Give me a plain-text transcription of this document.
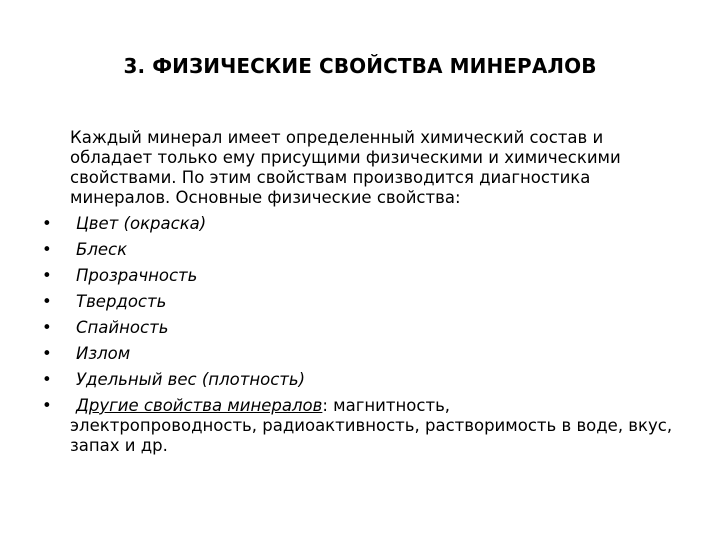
3. ФИЗИЧЕСКИЕ СВОЙСТВА МИНЕРАЛОВ

Каждый минерал имеет определенный химический состав и обладает только ему присущими физическими и химическими свойствами. По этим свойствам производится диагностика минералов. Основные физические свойства:

• Цвет (окраска)
• Блеск
• Прозрачность
• Твердость
• Спайность
• Излом
• Удельный вес (плотность)
• Другие свойства минералов: магнитность,

электропроводность, радиоактивность, растворимость в воде, вкус, запах и др.
